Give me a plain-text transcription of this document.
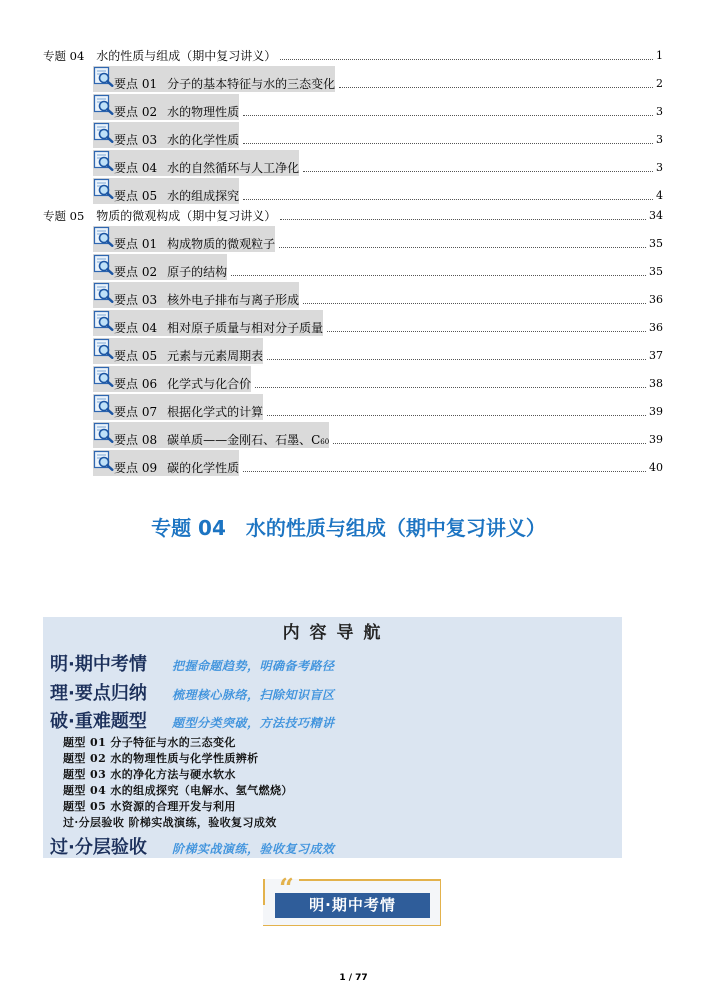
专题 04 水的性质与组成（期中复习讲义）	1
要点 01 分子的基本特征与水的三态变化	2
要点 02 水的物理性质	3
要点 03 水的化学性质	3
要点 04 水的自然循环与人工净化	3
要点 05 水的组成探究	4
专题 05 物质的微观构成（期中复习讲义）	34
要点 01 构成物质的微观粒子	35
要点 02 原子的结构	35
要点 03 核外电子排布与离子形成	36
要点 04 相对原子质量与相对分子质量	36
要点 05 元素与元素周期表	37
要点 06 化学式与化合价	38
要点 07 根据化学式的计算	39
要点 08 碳单质——金刚石、石墨、C 60	39
要点 09 碳的化学性质	40
专题 04 水的性质与组成（期中复习讲义）
内 容 导 航
明·期中考情	把握命题趋势，明确备考路径
理·要点归纳	梳理核心脉络，扫除知识盲区
破·重难题型	题型分类突破，方法技巧精讲
题型 01 分子特征与水的三态变化
题型 02 水的物理性质与化学性质辨析
题型 03 水的净化方法与硬水软水
题型 04 水的组成探究（电解水、氢气燃烧）
题型 05 水资源的合理开发与利用
过·分层验收 阶梯实战演练，验收复习成效
过·分层验收	阶梯实战演练，验收复习成效
明·期中考情
“
1 / 77
